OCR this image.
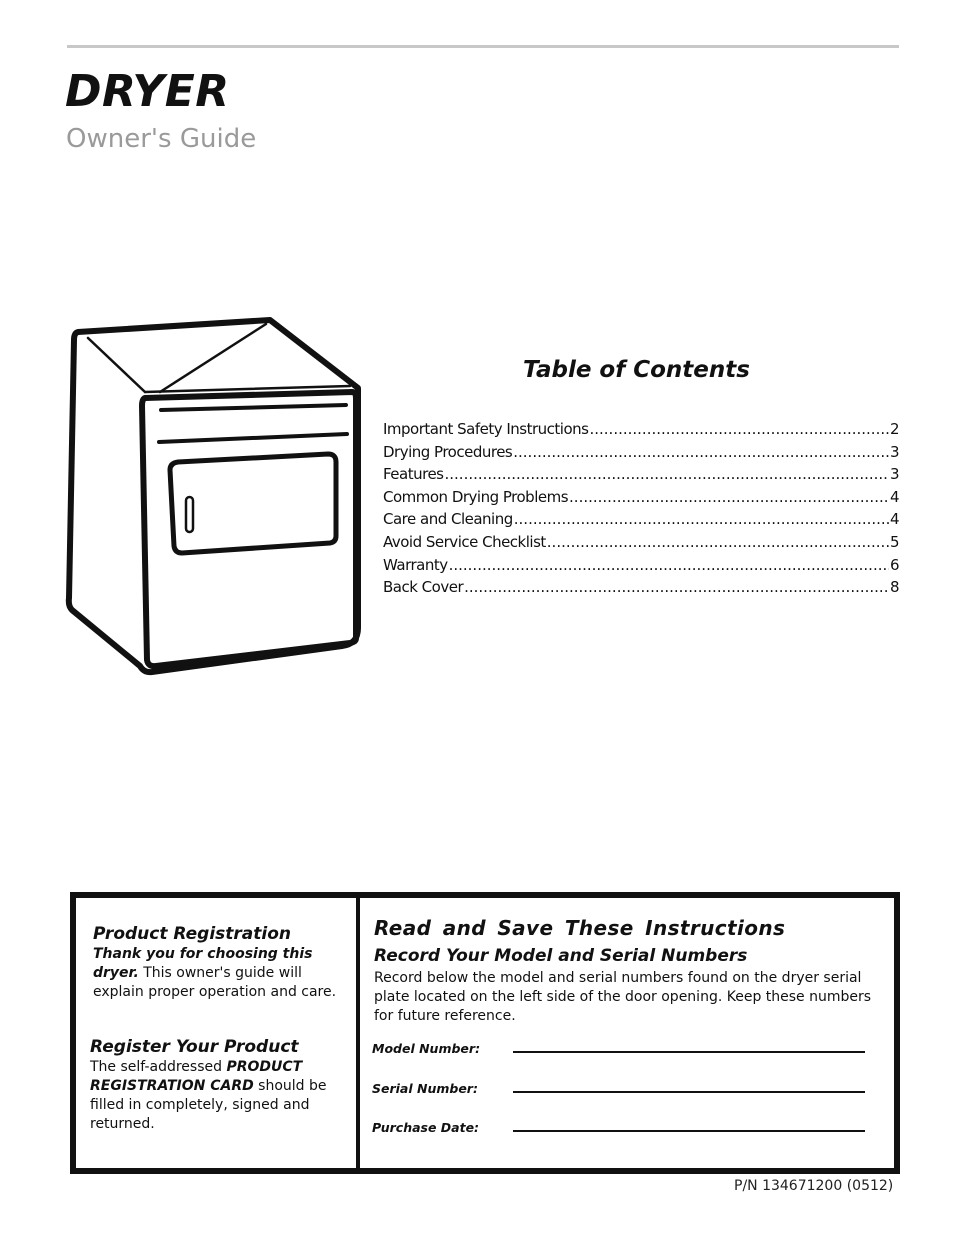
DRYER
Owner's Guide
Table of Contents
Important Safety Instructions .....	2
Drying Procedures .....	3
Features .....	3
Common Drying Problems .....	4
Care and Cleaning .....	4
Avoid Service Checklist .....	5
Warranty .....	6
Back Cover .....	8
Product Registration
Thank you for choosing this dryer. This owner's guide will explain proper operation and care.
Register Your Product
The self-addressed PRODUCT REGISTRATION CARD should be filled in completely, signed and returned.
Read and Save These Instructions
Record Your Model and Serial Numbers
Record below the model and serial numbers found on the dryer serial plate located on the left side of the door opening. Keep these numbers for future reference.
Model Number:
Serial Number:
Purchase Date:
P/N 134671200 (0512)
